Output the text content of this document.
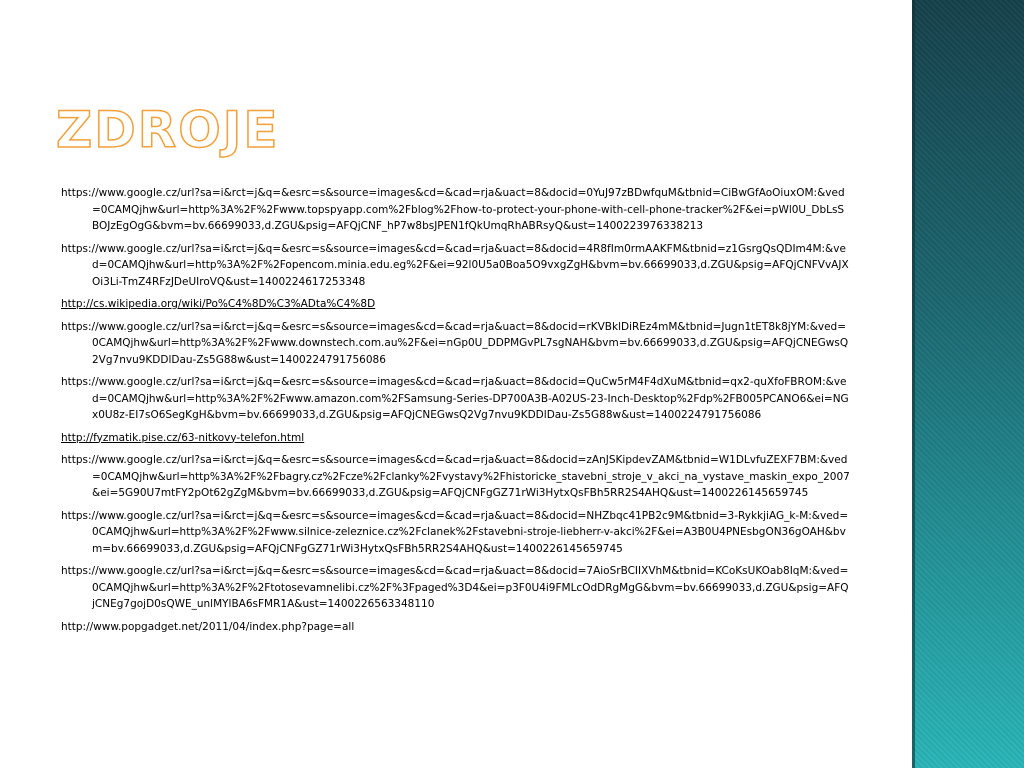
ZDROJE
https://www.google.cz/url?sa=i&rct=j&q=&esrc=s&source=images&cd=&cad=rja&uact=8&docid=0YuJ97zBDwfquM&tbnid=CiBwGfAoOiuxOM:&ved=0CAMQjhw&url=http%3A%2F%2Fwww.topspyapp.com%2Fblog%2Fhow-to-protect-your-phone-with-cell-phone-tracker%2F&ei=pWl0U_DbLsSBOJzEgOgG&bvm=bv.66699033,d.ZGU&psig=AFQjCNF_hP7w8bsJPEN1fQkUmqRhABRsyQ&ust=1400223976338213
https://www.google.cz/url?sa=i&rct=j&q=&esrc=s&source=images&cd=&cad=rja&uact=8&docid=4R8fIm0rmAAKFM&tbnid=z1GsrgQsQDIm4M:&ved=0CAMQjhw&url=http%3A%2F%2Fopencom.minia.edu.eg%2F&ei=92l0U5a0Boa5O9vxgZgH&bvm=bv.66699033,d.ZGU&psig=AFQjCNFVvAJXOi3Li-TmZ4RFzJDeUIroVQ&ust=1400224617253348
http://cs.wikipedia.org/wiki/Po%C4%8D%C3%ADta%C4%8D
https://www.google.cz/url?sa=i&rct=j&q=&esrc=s&source=images&cd=&cad=rja&uact=8&docid=rKVBklDiREz4mM&tbnid=Jugn1tET8k8jYM:&ved=0CAMQjhw&url=http%3A%2F%2Fwww.downstech.com.au%2F&ei=nGp0U_DDPMGvPL7sgNAH&bvm=bv.66699033,d.ZGU&psig=AFQjCNEGwsQ2Vg7nvu9KDDlDau-Zs5G88w&ust=1400224791756086
https://www.google.cz/url?sa=i&rct=j&q=&esrc=s&source=images&cd=&cad=rja&uact=8&docid=QuCw5rM4F4dXuM&tbnid=qx2-quXfoFBROM:&ved=0CAMQjhw&url=http%3A%2F%2Fwww.amazon.com%2FSamsung-Series-DP700A3B-A02US-23-Inch-Desktop%2Fdp%2FB005PCANO6&ei=NGx0U8z-EI7sO6SegKgH&bvm=bv.66699033,d.ZGU&psig=AFQjCNEGwsQ2Vg7nvu9KDDlDau-Zs5G88w&ust=1400224791756086
http://fyzmatik.pise.cz/63-nitkovy-telefon.html
https://www.google.cz/url?sa=i&rct=j&q=&esrc=s&source=images&cd=&cad=rja&uact=8&docid=zAnJSKipdevZAM&tbnid=W1DLvfuZEXF7BM:&ved=0CAMQjhw&url=http%3A%2F%2Fbagry.cz%2Fcze%2Fclanky%2Fvystavy%2Fhistoricke_stavebni_stroje_v_akci_na_vystave_maskin_expo_2007&ei=5G90U7mtFY2pOt62gZgM&bvm=bv.66699033,d.ZGU&psig=AFQjCNFgGZ71rWi3HytxQsFBh5RR2S4AHQ&ust=1400226145659745
https://www.google.cz/url?sa=i&rct=j&q=&esrc=s&source=images&cd=&cad=rja&uact=8&docid=NHZbqc41PB2c9M&tbnid=3-RykkjiAG_k-M:&ved=0CAMQjhw&url=http%3A%2F%2Fwww.silnice-zeleznice.cz%2Fclanek%2Fstavebni-stroje-liebherr-v-akci%2F&ei=A3B0U4PNEsbgON36gOAH&bvm=bv.66699033,d.ZGU&psig=AFQjCNFgGZ71rWi3HytxQsFBh5RR2S4AHQ&ust=1400226145659745
https://www.google.cz/url?sa=i&rct=j&q=&esrc=s&source=images&cd=&cad=rja&uact=8&docid=7AioSrBCIIXVhM&tbnid=KCoKsUKOab8IqM:&ved=0CAMQjhw&url=http%3A%2F%2Ftotosevamnelibi.cz%2F%3Fpaged%3D4&ei=p3F0U4i9FMLcOdDRgMgG&bvm=bv.66699033,d.ZGU&psig=AFQjCNEg7gojD0sQWE_unlMYlBA6sFMR1A&ust=1400226563348110
http://www.popgadget.net/2011/04/index.php?page=all
